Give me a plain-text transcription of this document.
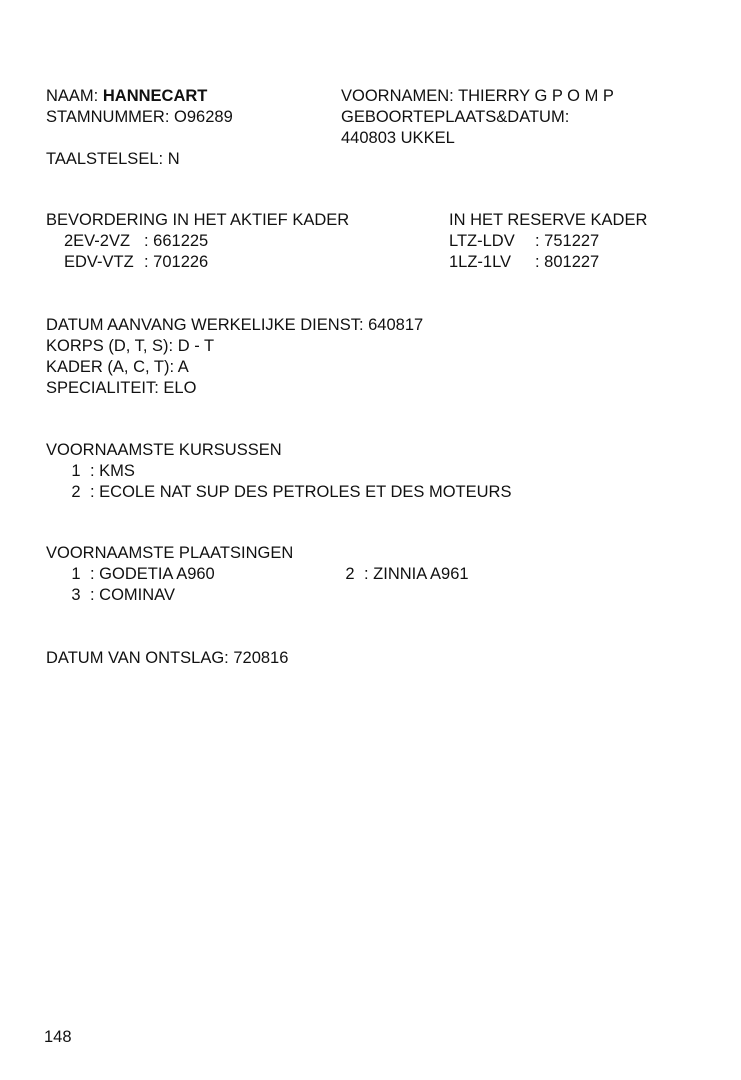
NAAM: HANNECART
STAMNUMMER: O96289
TAALSTELSEL: N
VOORNAMEN: THIERRY G P O M P
GEBOORTEPLAATS&DATUM:
440803 UKKEL
BEVORDERING IN HET AKTIEF KADER
2EV-2VZ : 661225
EDV-VTZ : 701226
IN HET RESERVE KADER
LTZ-LDV : 751227
1LZ-1LV : 801227
DATUM AANVANG WERKELIJKE DIENST: 640817
KORPS (D, T, S): D - T
KADER (A, C, T): A
SPECIALITEIT: ELO
VOORNAAMSTE KURSUSSEN
1 : KMS
2 : ECOLE NAT SUP DES PETROLES ET DES MOTEURS
VOORNAAMSTE PLAATSINGEN
1 : GODETIA A960	2 : ZINNIA A961
3 : COMINAV
DATUM VAN ONTSLAG: 720816
148
